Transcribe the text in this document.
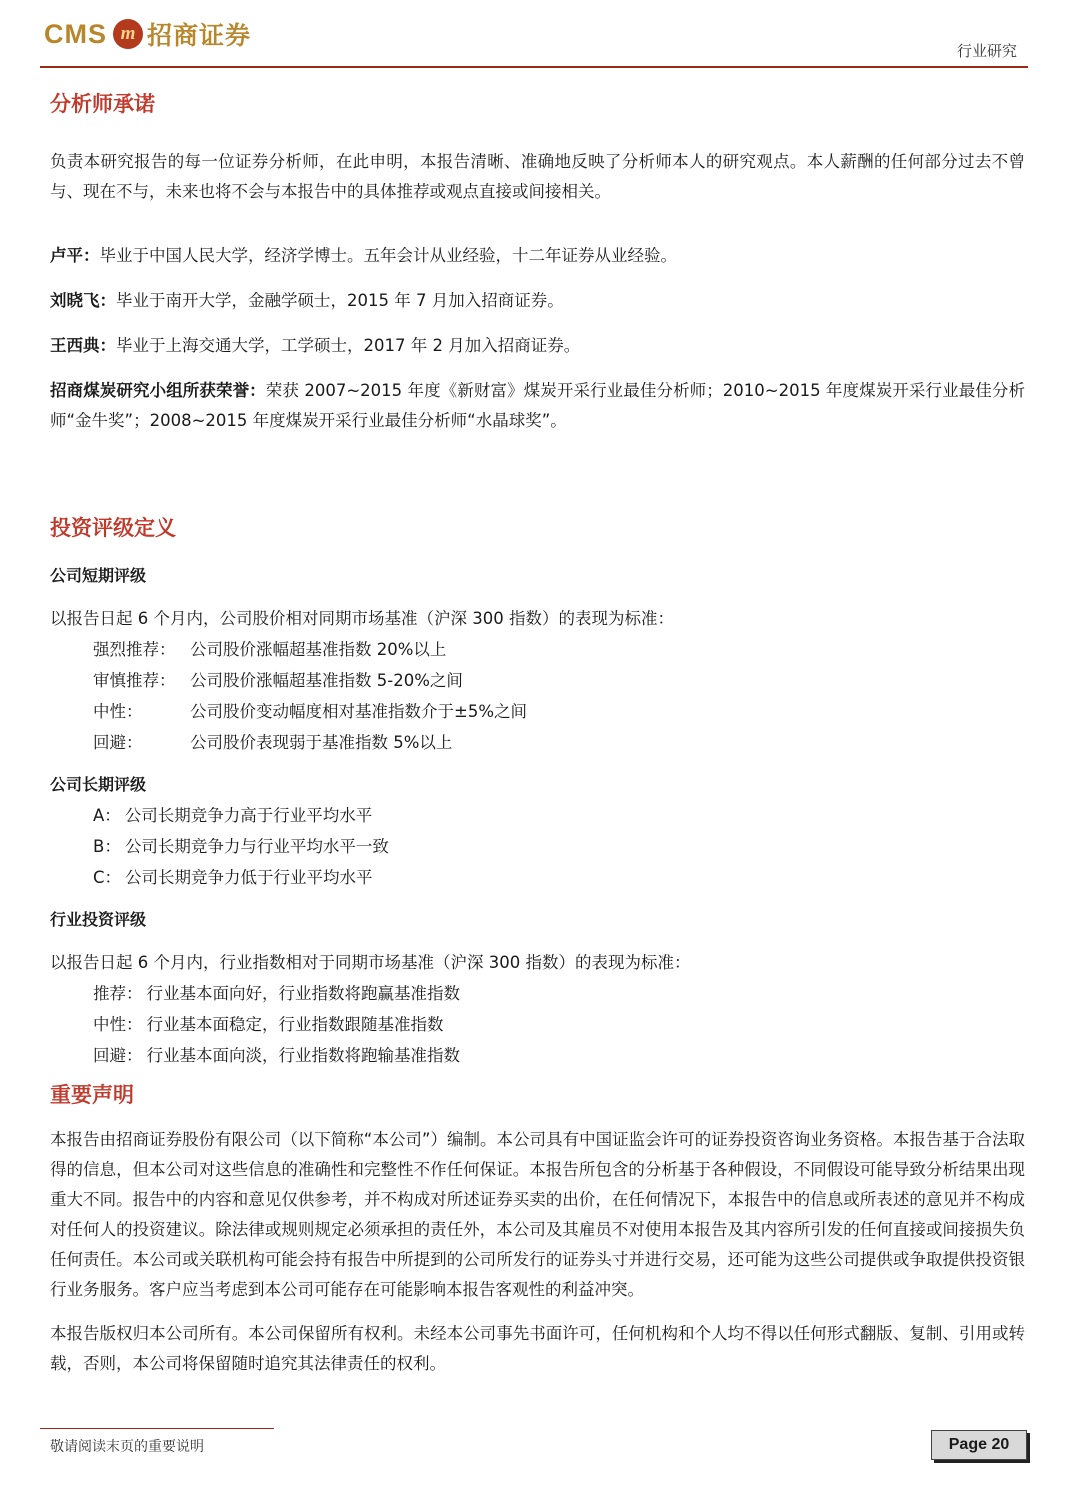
CMS m 招商证券
行业研究
分析师承诺

负责本研究报告的每一位证券分析师，在此申明，本报告清晰、准确地反映了分析师本人的研究观点。本人薪酬的任何部分过去不曾与、现在不与，未来也将不会与本报告中的具体推荐或观点直接或间接相关。

卢平：毕业于中国人民大学，经济学博士。五年会计从业经验，十二年证券从业经验。

刘晓飞：毕业于南开大学，金融学硕士，2015 年 7 月加入招商证券。

王西典：毕业于上海交通大学，工学硕士，2017 年 2 月加入招商证券。

招商煤炭研究小组所获荣誉：荣获 2007~2015 年度《新财富》煤炭开采行业最佳分析师；2010~2015 年度煤炭开采行业最佳分析师“金牛奖”；2008~2015 年度煤炭开采行业最佳分析师“水晶球奖”。

投资评级定义

公司短期评级

以报告日起 6 个月内，公司股价相对同期市场基准（沪深 300 指数）的表现为标准：

强烈推荐： 公司股价涨幅超基准指数 20%以上
审慎推荐： 公司股价涨幅超基准指数 5-20%之间
中性：	公司股价变动幅度相对基准指数介于±5%之间
回避：	公司股价表现弱于基准指数 5%以上

公司长期评级

A： 公司长期竞争力高于行业平均水平
B： 公司长期竞争力与行业平均水平一致
C： 公司长期竞争力低于行业平均水平

行业投资评级

以报告日起 6 个月内，行业指数相对于同期市场基准（沪深 300 指数）的表现为标准：

推荐： 行业基本面向好，行业指数将跑赢基准指数
中性： 行业基本面稳定，行业指数跟随基准指数
回避： 行业基本面向淡，行业指数将跑输基准指数
重要声明

本报告由招商证券股份有限公司（以下简称“本公司”）编制。本公司具有中国证监会许可的证券投资咨询业务资格。本报告基于合法取得的信息，但本公司对这些信息的准确性和完整性不作任何保证。本报告所包含的分析基于各种假设，不同假设可能导致分析结果出现重大不同。报告中的内容和意见仅供参考，并不构成对所述证券买卖的出价，在任何情况下，本报告中的信息或所表述的意见并不构成对任何人的投资建议。除法律或规则规定必须承担的责任外，本公司及其雇员不对使用本报告及其内容所引发的任何直接或间接损失负任何责任。本公司或关联机构可能会持有报告中所提到的公司所发行的证券头寸并进行交易，还可能为这些公司提供或争取提供投资银行业务服务。客户应当考虑到本公司可能存在可能影响本报告客观性的利益冲突。

本报告版权归本公司所有。本公司保留所有权利。未经本公司事先书面许可，任何机构和个人均不得以任何形式翻版、复制、引用或转载，否则，本公司将保留随时追究其法律责任的权利。

敬请阅读末页的重要说明	Page 20
